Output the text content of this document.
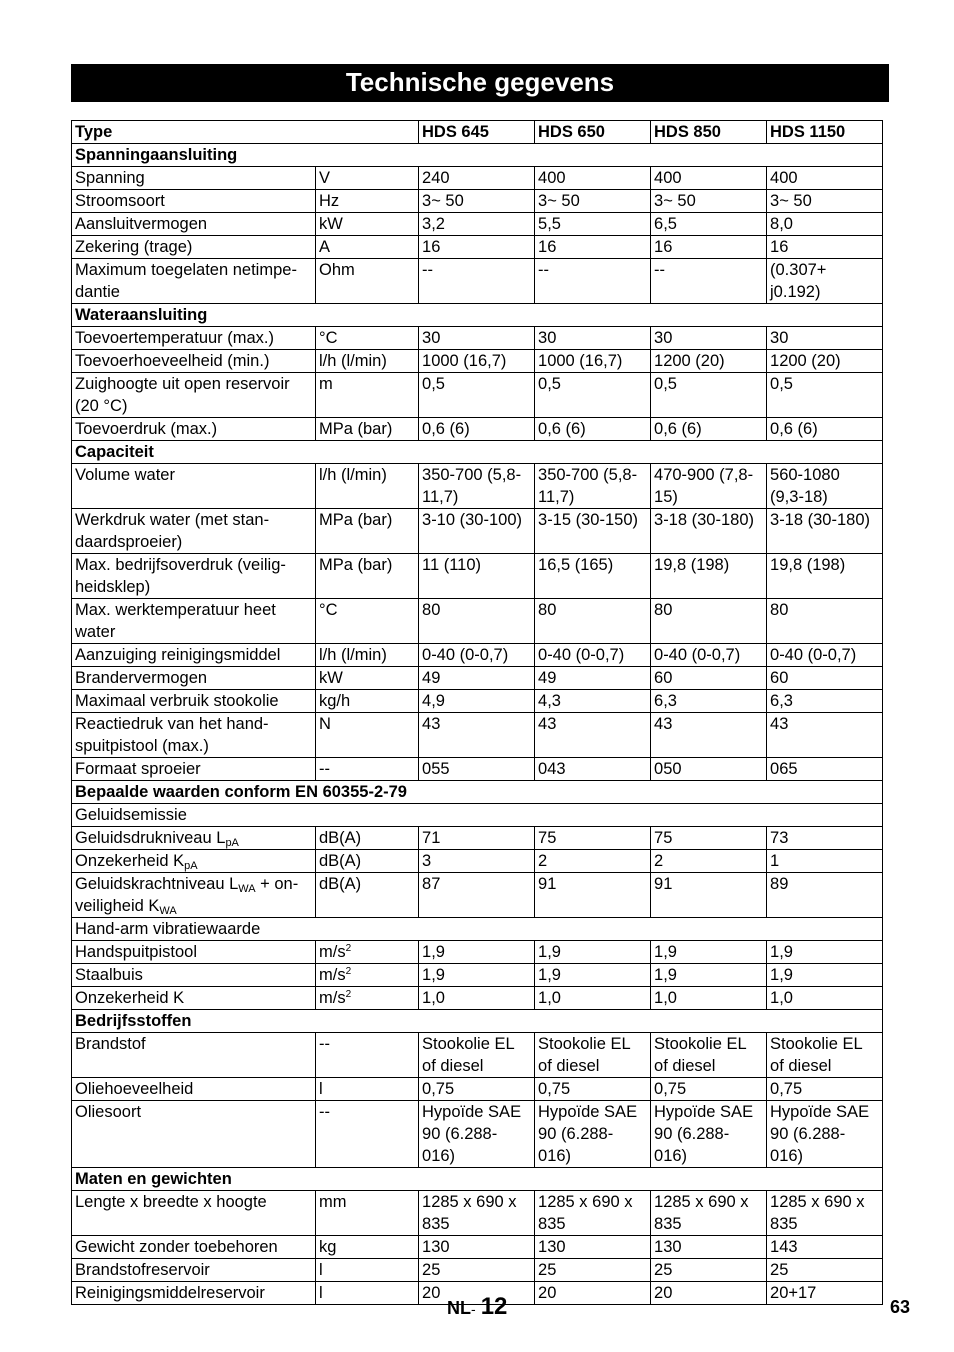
Technische gegevens
Type		HDS 645	HDS 650	HDS 850	HDS 1150
Spanningaansluiting					
Spanning	V	240	400	400	400
Stroomsoort	Hz	3~ 50	3~ 50	3~ 50	3~ 50
Aansluitvermogen	kW	3,2	5,5	6,5	8,0
Zekering (trage)	A	16	16	16	16
Maximum toegelaten netimpe-
dantie	Ohm	--	--	--	(0.307+
j0.192)
Wateraansluiting					
Toevoertemperatuur (max.)	°C	30	30	30	30
Toevoerhoeveelheid (min.)	l/h (l/min)	1000 (16,7)	1000 (16,7)	1200 (20)	1200 (20)
Zuighoogte uit open reservoir
(20 °C)	m	0,5	0,5	0,5	0,5
Toevoerdruk (max.)	MPa (bar)	0,6 (6)	0,6 (6)	0,6 (6)	0,6 (6)
Capaciteit					
Volume water	l/h (l/min)	350-700 (5,8-
11,7)	350-700 (5,8-
11,7)	470-900 (7,8-
15)	560-1080
(9,3-18)
Werkdruk water (met stan-
daardsproeier)	MPa (bar)	3-10 (30-100)	3-15 (30-150)	3-18 (30-180)	3-18 (30-180)
Max. bedrijfsoverdruk (veilig-
heidsklep)	MPa (bar)	11 (110)	16,5 (165)	19,8 (198)	19,8 (198)
Max. werktemperatuur heet
water	°C	80	80	80	80
Aanzuiging reinigingsmiddel	l/h (l/min)	0-40 (0-0,7)	0-40 (0-0,7)	0-40 (0-0,7)	0-40 (0-0,7)
Brandervermogen	kW	49	49	60	60
Maximaal verbruik stookolie	kg/h	4,9	4,3	6,3	6,3
Reactiedruk van het hand-
spuitpistool (max.)	N	43	43	43	43
Formaat sproeier	--	055	043	050	065
Bepaalde waarden conform EN 60355-2-79					
Geluidsemissie					
Geluidsdrukniveau $L_{pA}$	dB(A)	71	75	75	73
Onzekerheid $K_{pA}$	dB(A)	3	2	2	1
Geluidskrachtniveau $L_{WA} + on-$
veiligheid $K_{WA}$	dB(A)	87	91	91	89
Hand-arm vibratiewaarde					
Handspuitpistool	$m/s^2$	1,9	1,9	1,9	1,9
Staalbuis	$m/s^2$	1,9	1,9	1,9	1,9
Onzekerheid K	$m/s^2$	1,0	1,0	1,0	1,0
Bedrijfsstoffen					
Brandstof	--	Stookolie EL
of diesel	Stookolie EL
of diesel	Stookolie EL
of diesel	Stookolie EL
of diesel
Oliehoeveelheid	l	0,75	0,75	0,75	0,75
Oliesoort	--	Hypoïde SAE
90 (6.288-
016)	Hypoïde SAE
90 (6.288-
016)	Hypoïde SAE
90 (6.288-
016)	Hypoïde SAE
90 (6.288-
016)
Maten en gewichten					
Lengte x breedte x hoogte	mm	1285 x 690 x
835	1285 x 690 x
835	1285 x 690 x
835	1285 x 690 x
835
Gewicht zonder toebehoren	kg	130	130	130	143
Brandstofreservoir	l	25	25	25	25
Reinigingsmiddelreservoir	l	20	20	20	20+17
NL- 12	63
